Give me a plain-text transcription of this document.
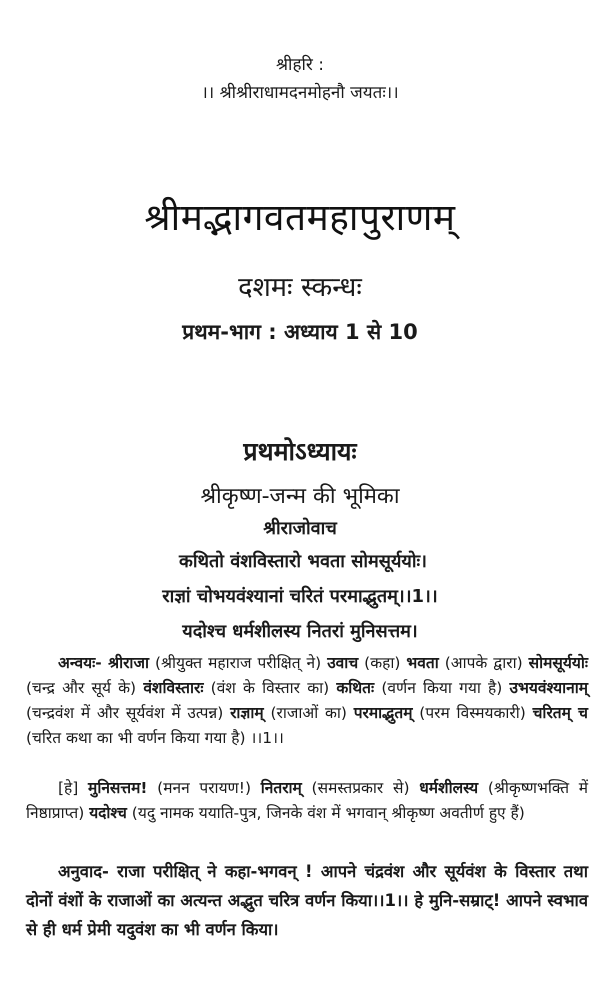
श्रीहरि :
।। श्रीश्रीराधामदनमोहनौ जयतः।।
श्रीमद्भागवतमहापुराणम्
दशमः स्कन्धः
प्रथम-भाग : अध्याय 1 से 10
प्रथमोऽध्यायः
श्रीकृष्ण-जन्म की भूमिका
श्रीराजोवाच
कथितो वंशविस्तारो भवता सोमसूर्ययोः।
राज्ञां चोभयवंश्यानां चरितं परमाद्भुतम्।।1।।
यदोश्च धर्मशीलस्य नितरां मुनिसत्तम।
अन्वयः- श्रीराजा (श्रीयुक्त महाराज परीक्षित् ने) उवाच (कहा) भवता (आपके द्वारा) सोमसूर्ययोः (चन्द्र और सूर्य के) वंशविस्तारः (वंश के विस्तार का) कथितः (वर्णन किया गया है) उभयवंश्यानाम् (चन्द्रवंश में और सूर्यवंश में उत्पन्न) राज्ञाम् (राजाओं का) परमाद्भुतम् (परम विस्मयकारी) चरितम् च (चरित कथा का भी वर्णन किया गया है) ।।1।।
[हे] मुनिसत्तम! (मनन परायण!) नितराम् (समस्तप्रकार से) धर्मशीलस्य (श्रीकृष्णभक्ति में निष्ठाप्राप्त) यदोश्च (यदु नामक ययाति-पुत्र, जिनके वंश में भगवान् श्रीकृष्ण अवतीर्ण हुए हैं)
अनुवाद- राजा परीक्षित् ने कहा-भगवन् ! आपने चंद्रवंश और सूर्यवंश के विस्तार तथा दोनों वंशों के राजाओं का अत्यन्त अद्भुत चरित्र वर्णन किया।।1।। हे मुनि-सम्राट्! आपने स्वभाव से ही धर्म प्रेमी यदुवंश का भी वर्णन किया।
